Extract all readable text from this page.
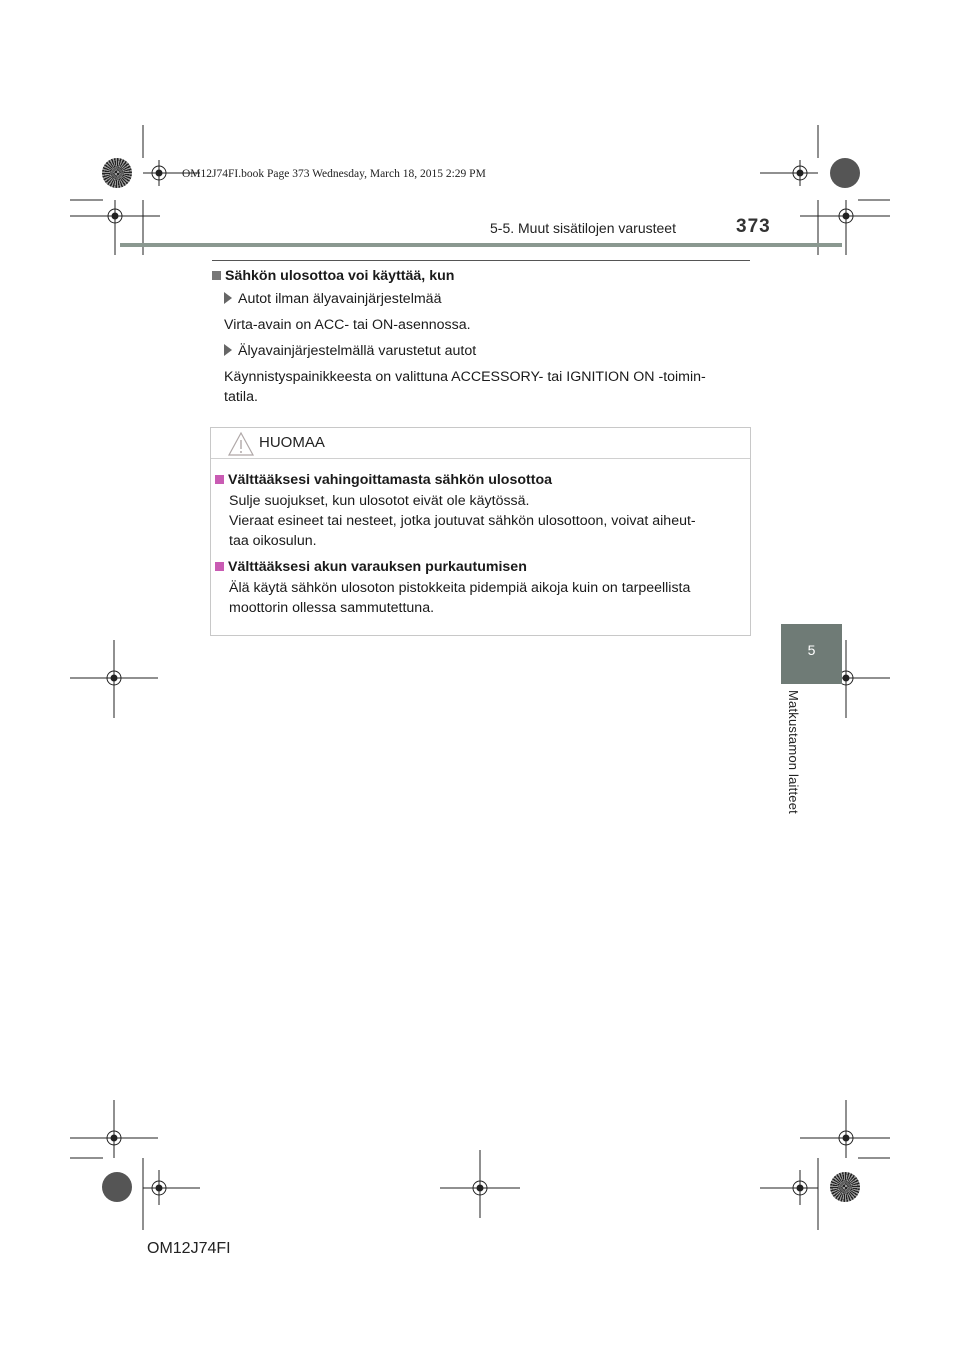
OM12J74FI.book Page 373 Wednesday, March 18, 2015 2:29 PM
5-5. Muut sisätilojen varusteet	373
5
Matkustamon laitteet
Sähkön ulosottoa voi käyttää, kun
Autot ilman älyavainjärjestelmää
Virta-avain on ACC- tai ON-asennossa.
Älyavainjärjestelmällä varustetut autot
Käynnistyspainikkeesta on valittuna ACCESSORY- tai IGNITION ON -toimin-
tatila.
HUOMAA
Välttääksesi vahingoittamasta sähkön ulosottoa
Sulje suojukset, kun ulosotot eivät ole käytössä.
Vieraat esineet tai nesteet, jotka joutuvat sähkön ulosottoon, voivat aiheut-
taa oikosulun.
Välttääksesi akun varauksen purkautumisen
Älä käytä sähkön ulosoton pistokkeita pidempiä aikoja kuin on tarpeellista
moottorin ollessa sammutettuna.
OM12J74FI
